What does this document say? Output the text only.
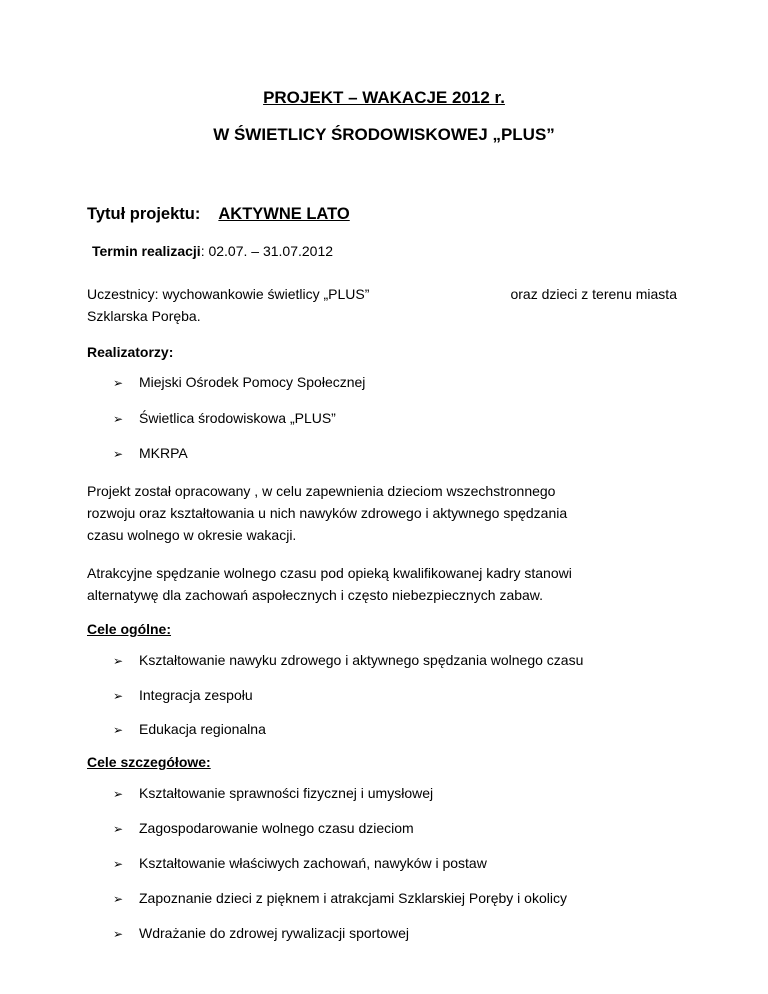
PROJEKT – WAKACJE 2012 r.
W ŚWIETLICY ŚRODOWISKOWEJ „PLUS”
Tytuł projektu: AKTYWNE LATO
Termin realizacji: 02.07. – 31.07.2012
Uczestnicy: wychowankowie świetlicy „PLUS”	oraz dzieci z terenu miasta
Szklarska Poręba.
Realizatorzy:
➢ Miejski Ośrodek Pomocy Społecznej
➢ Świetlica środowiskowa „PLUS”
➢ MKRPA
Projekt został opracowany , w celu zapewnienia dzieciom wszechstronnego
rozwoju oraz kształtowania u nich nawyków zdrowego i aktywnego spędzania
czasu wolnego w okresie wakacji.
Atrakcyjne spędzanie wolnego czasu pod opieką kwalifikowanej kadry stanowi
alternatywę dla zachowań aspołecznych i często niebezpiecznych zabaw.
Cele ogólne:
➢ Kształtowanie nawyku zdrowego i aktywnego spędzania wolnego czasu
➢ Integracja zespołu
➢ Edukacja regionalna
Cele szczegółowe:
➢ Kształtowanie sprawności fizycznej i umysłowej
➢ Zagospodarowanie wolnego czasu dzieciom
➢ Kształtowanie właściwych zachowań, nawyków i postaw
➢ Zapoznanie dzieci z pięknem i atrakcjami Szklarskiej Poręby i okolicy
➢ Wdrażanie do zdrowej rywalizacji sportowej
